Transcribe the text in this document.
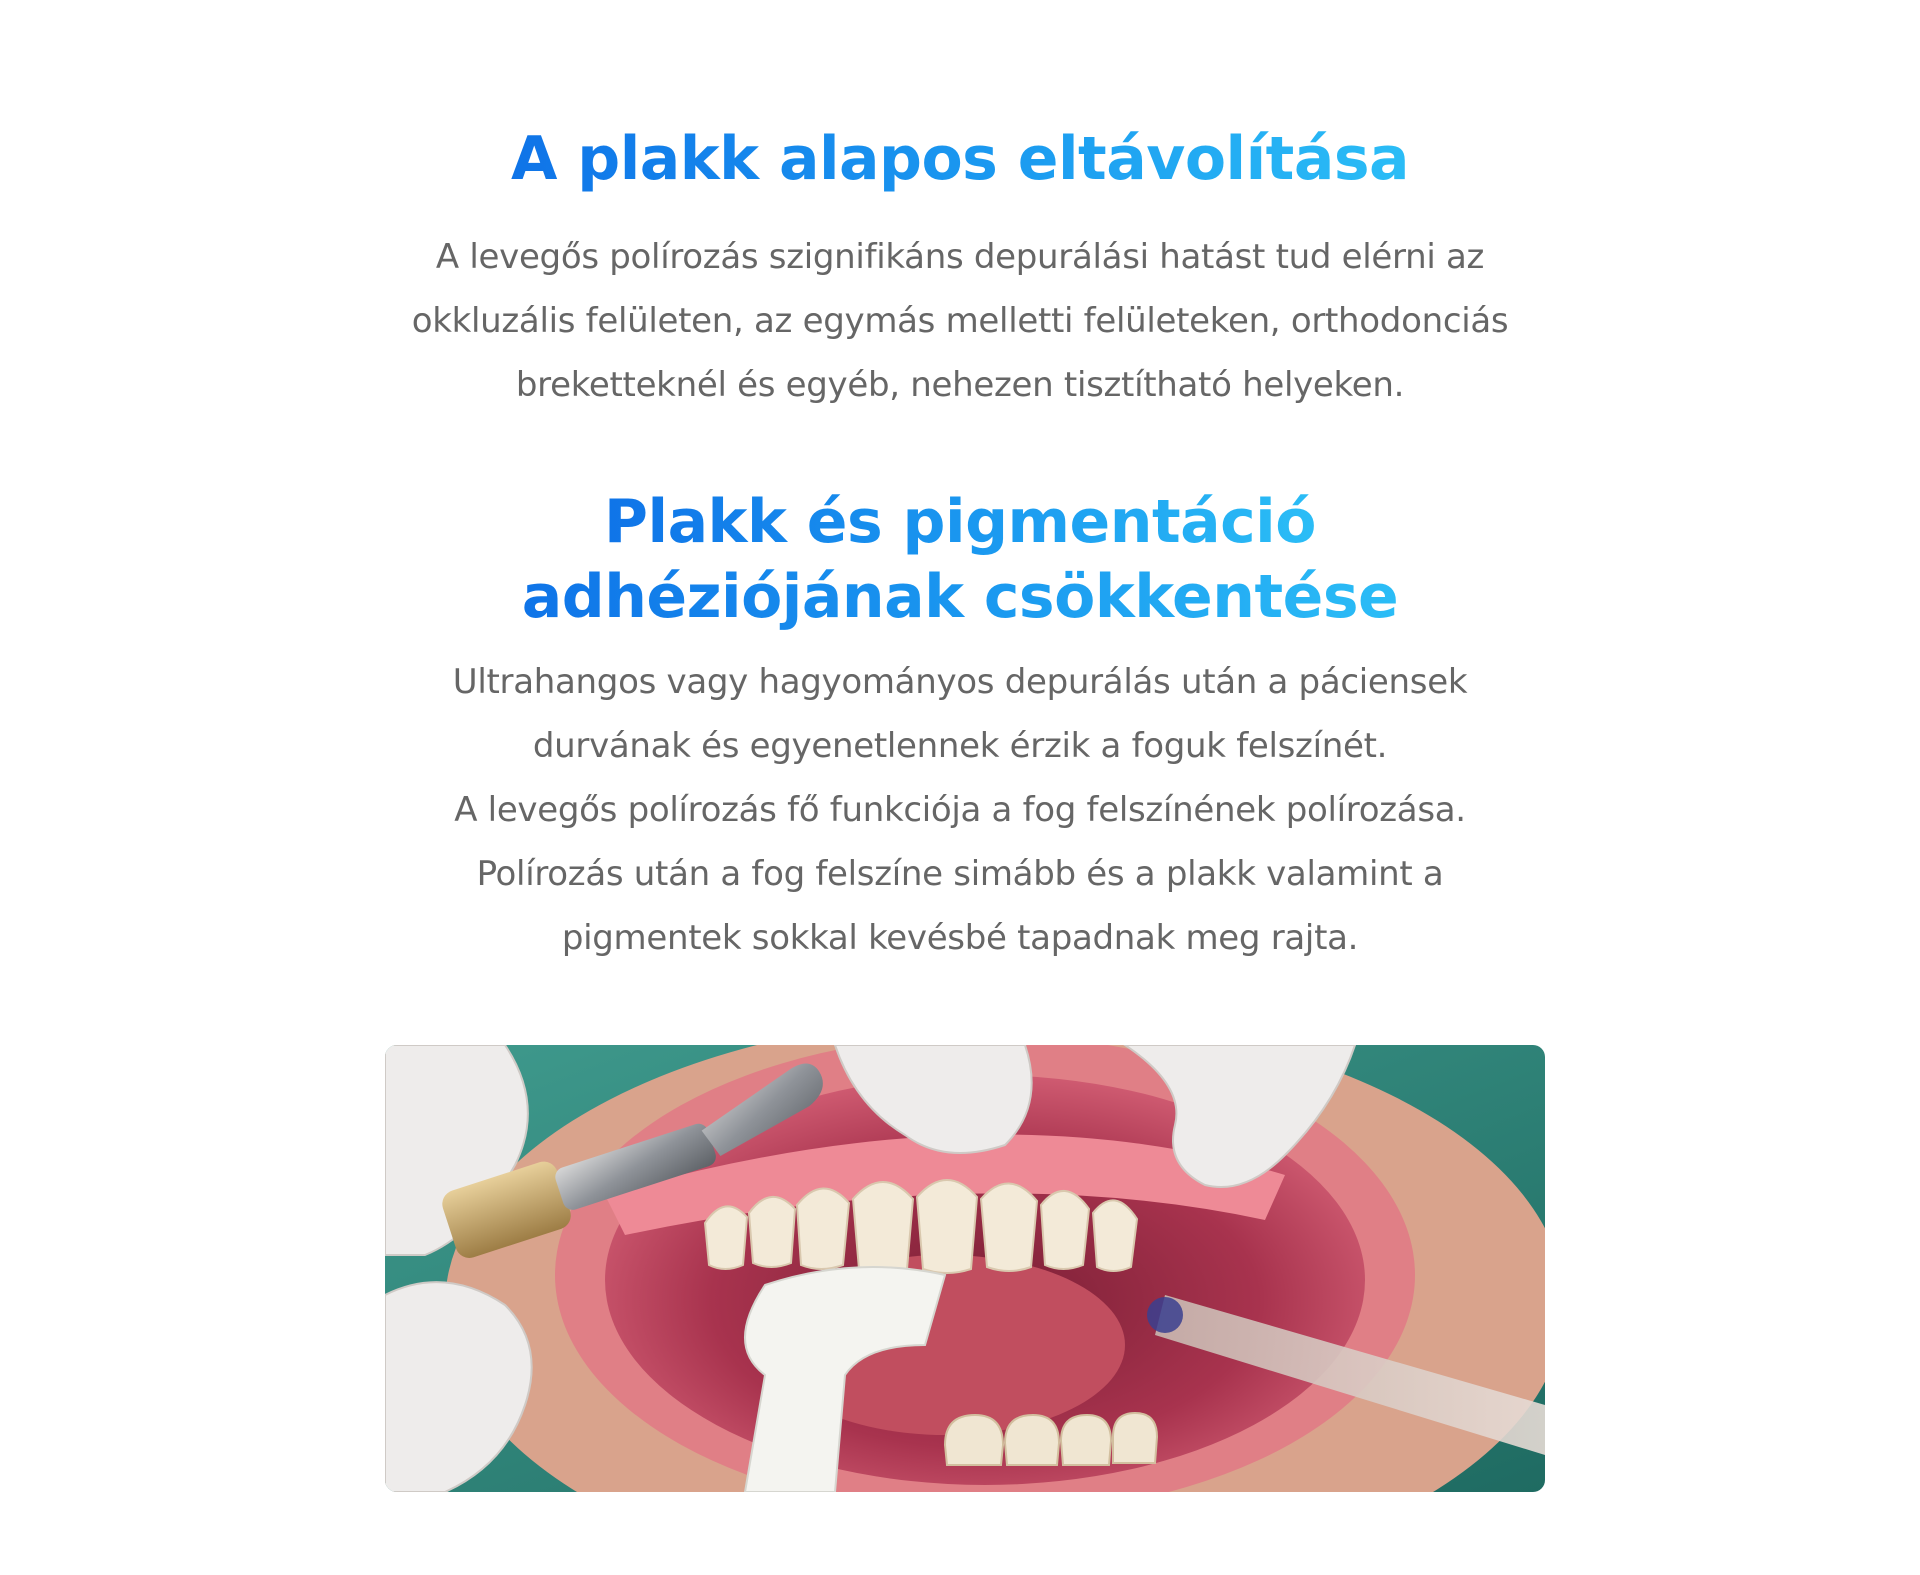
A plakk alapos eltávolítása

A levegős polírozás szignifikáns depurálási hatást tud elérni az
okkluzális felületen, az egymás melletti felületeken, orthodonciás
breketteknél és egyéb, nehezen tisztítható helyeken.

Plakk és pigmentáció
adhéziójának csökkentése

Ultrahangos vagy hagyományos depurálás után a páciensek
durvának és egyenetlennek érzik a foguk felszínét.
A levegős polírozás fő funkciója a fog felszínének polírozása.
Polírozás után a fog felszíne simább és a plakk valamint a
pigmentek sokkal kevésbé tapadnak meg rajta.
